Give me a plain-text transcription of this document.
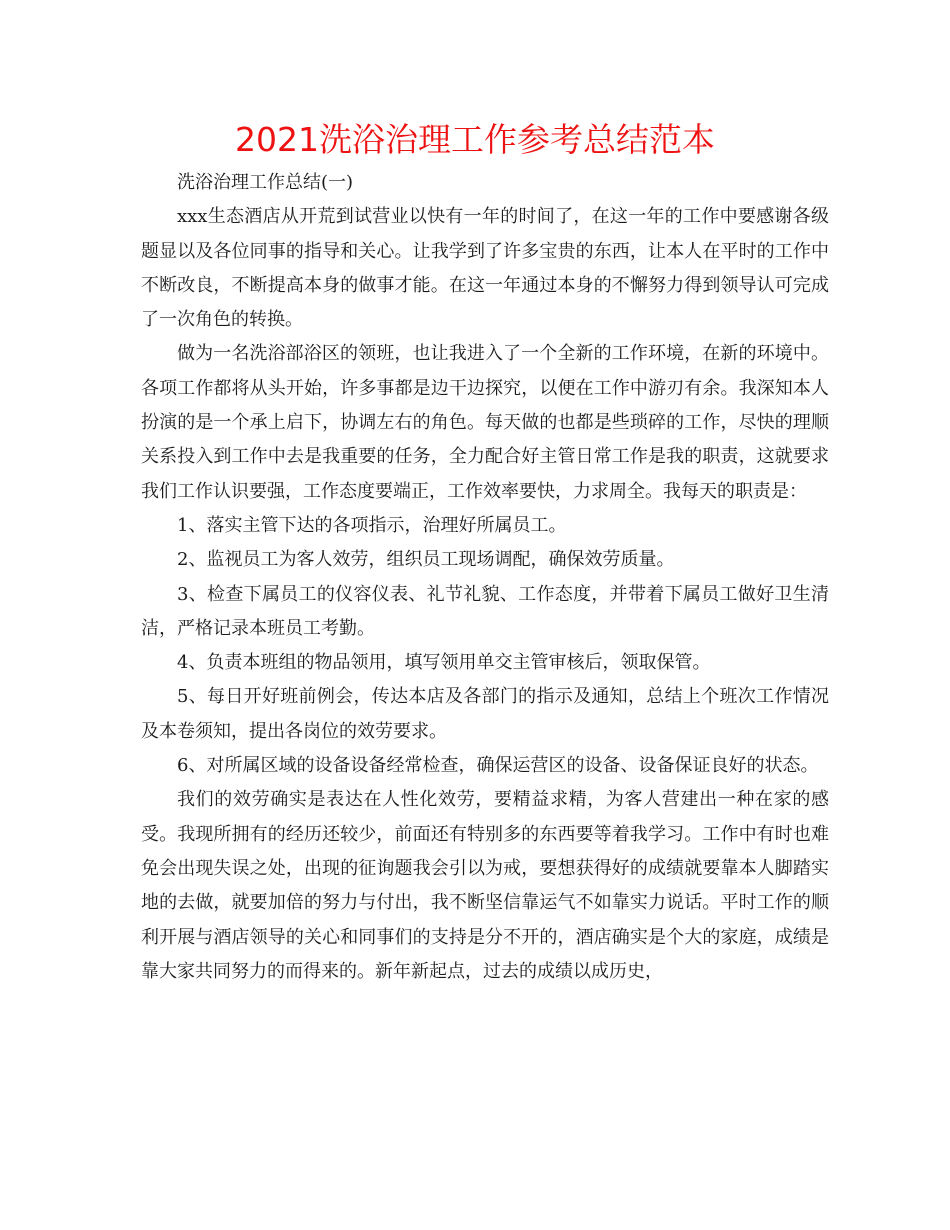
2021洗浴治理工作参考总结范本

洗浴治理工作总结(一)

xxx生态酒店从开荒到试营业以快有一年的时间了，在这一年的工作中要感谢各级题显以及各位同事的指导和关心。让我学到了许多宝贵的东西，让本人在平时的工作中不断改良，不断提高本身的做事才能。在这一年通过本身的不懈努力得到领导认可完成了一次角色的转换。

做为一名洗浴部浴区的领班，也让我进入了一个全新的工作环境，在新的环境中。各项工作都将从头开始，许多事都是边干边探究，以便在工作中游刃有余。我深知本人扮演的是一个承上启下，协调左右的角色。每天做的也都是些琐碎的工作，尽快的理顺关系投入到工作中去是我重要的任务，全力配合好主管日常工作是我的职责，这就要求我们工作认识要强，工作态度要端正，工作效率要快，力求周全。我每天的职责是：

1、落实主管下达的各项指示，治理好所属员工。

2、监视员工为客人效劳，组织员工现场调配，确保效劳质量。

3、检查下属员工的仪容仪表、礼节礼貌、工作态度，并带着下属员工做好卫生清洁，严格记录本班员工考勤。

4、负责本班组的物品领用，填写领用单交主管审核后，领取保管。

5、每日开好班前例会，传达本店及各部门的指示及通知，总结上个班次工作情况及本卷须知，提出各岗位的效劳要求。

6、对所属区域的设备设备经常检查，确保运营区的设备、设备保证良好的状态。

我们的效劳确实是表达在人性化效劳，要精益求精，为客人营建出一种在家的感受。我现所拥有的经历还较少，前面还有特别多的东西要等着我学习。工作中有时也难免会出现失误之处，出现的征询题我会引以为戒，要想获得好的成绩就要靠本人脚踏实地的去做，就要加倍的努力与付出，我不断坚信靠运气不如靠实力说话。平时工作的顺利开展与酒店领导的关心和同事们的支持是分不开的，酒店确实是个大的家庭，成绩是靠大家共同努力的而得来的。新年新起点，过去的成绩以成历史，
